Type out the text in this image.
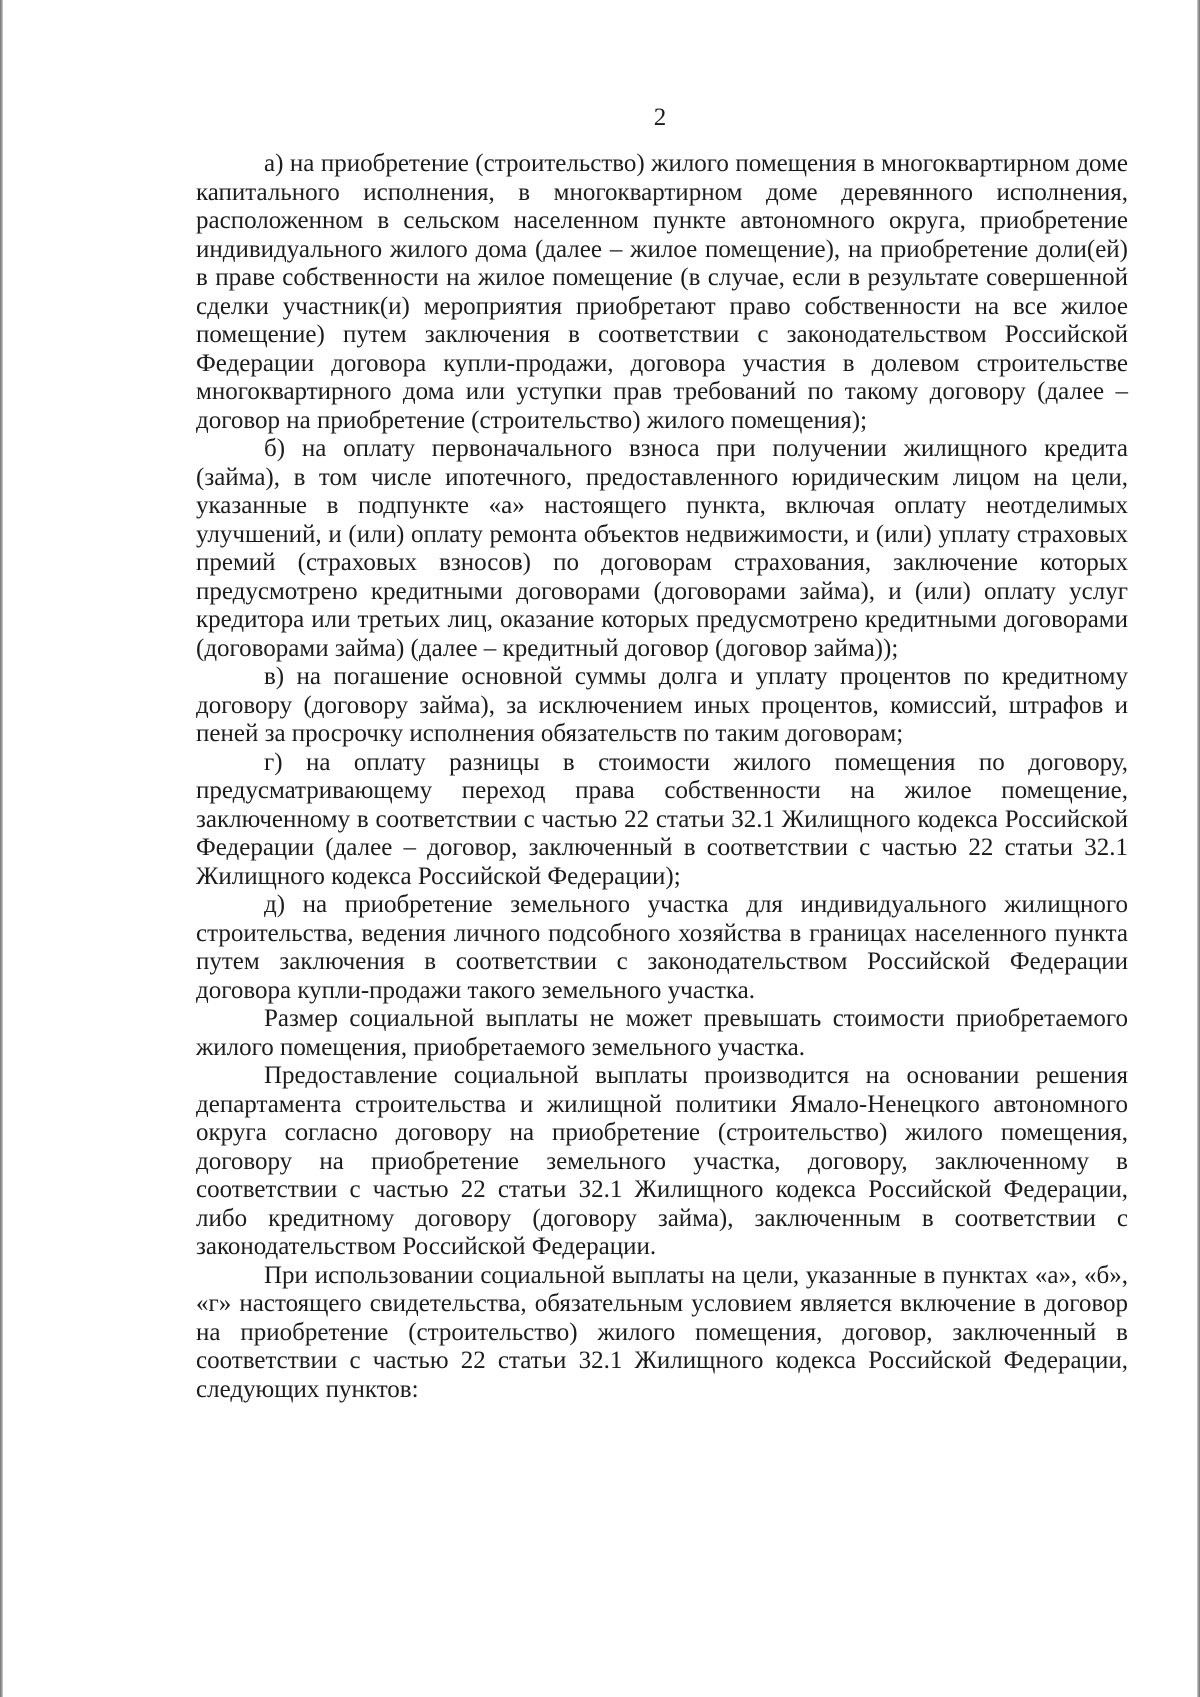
2

а) на приобретение (строительство) жилого помещения в многоквартирном доме капитального исполнения, в многоквартирном доме деревянного исполнения, расположенном в сельском населенном пункте автономного округа, приобретение индивидуального жилого дома (далее – жилое помещение), на приобретение доли(ей) в праве собственности на жилое помещение (в случае, если в результате совершенной сделки участник(и) мероприятия приобретают право собственности на все жилое помещение) путем заключения в соответствии с законодательством Российской Федерации договора купли-продажи, договора участия в долевом строительстве многоквартирного дома или уступки прав требований по такому договору (далее – договор на приобретение (строительство) жилого помещения);

б) на оплату первоначального взноса при получении жилищного кредита (займа), в том числе ипотечного, предоставленного юридическим лицом на цели, указанные в подпункте «а» настоящего пункта, включая оплату неотделимых улучшений, и (или) оплату ремонта объектов недвижимости, и (или) уплату страховых премий (страховых взносов) по договорам страхования, заключение которых предусмотрено кредитными договорами (договорами займа), и (или) оплату услуг кредитора или третьих лиц, оказание которых предусмотрено кредитными договорами (договорами займа) (далее – кредитный договор (договор займа));

в) на погашение основной суммы долга и уплату процентов по кредитному договору (договору займа), за исключением иных процентов, комиссий, штрафов и пеней за просрочку исполнения обязательств по таким договорам;

г) на оплату разницы в стоимости жилого помещения по договору, предусматривающему переход права собственности на жилое помещение, заключенному в соответствии с частью 22 статьи 32.1 Жилищного кодекса Российской Федерации (далее – договор, заключенный в соответствии с частью 22 статьи 32.1 Жилищного кодекса Российской Федерации);

д) на приобретение земельного участка для индивидуального жилищного строительства, ведения личного подсобного хозяйства в границах населенного пункта путем заключения в соответствии с законодательством Российской Федерации договора купли-продажи такого земельного участка.

Размер социальной выплаты не может превышать стоимости приобретаемого жилого помещения, приобретаемого земельного участка.

Предоставление социальной выплаты производится на основании решения департамента строительства и жилищной политики Ямало-Ненецкого автономного округа согласно договору на приобретение (строительство) жилого помещения, договору на приобретение земельного участка, договору, заключенному в соответствии с частью 22 статьи 32.1 Жилищного кодекса Российской Федерации, либо кредитному договору (договору займа), заключенным в соответствии с законодательством Российской Федерации.

При использовании социальной выплаты на цели, указанные в пунктах «а», «б», «г» настоящего свидетельства, обязательным условием является включение в договор на приобретение (строительство) жилого помещения, договор, заключенный в соответствии с частью 22 статьи 32.1 Жилищного кодекса Российской Федерации, следующих пунктов:
